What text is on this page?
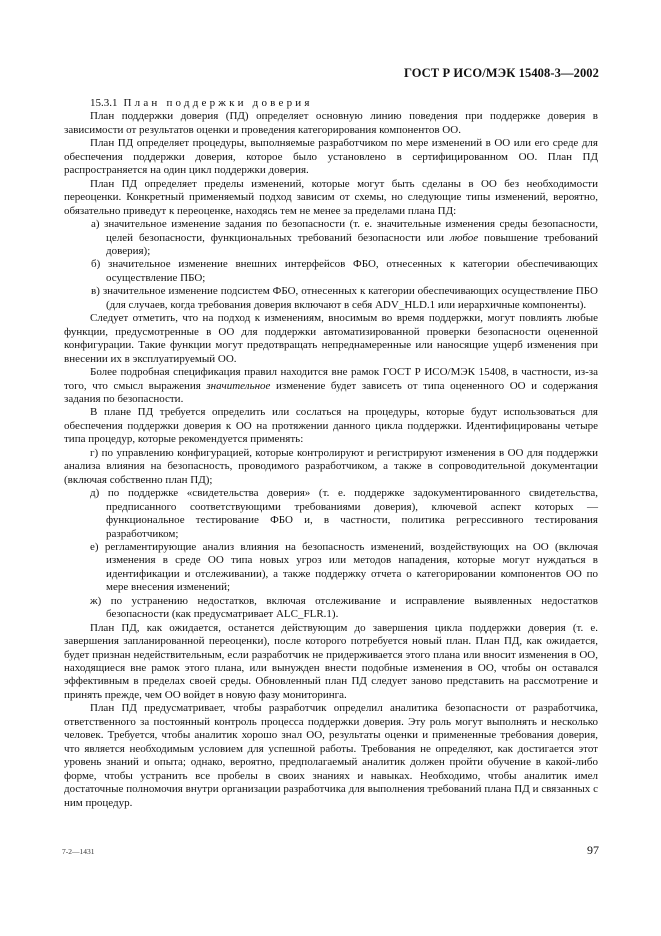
ГОСТ Р ИСО/МЭК 15408-3—2002

15.3.1 План поддержки доверия

План поддержки доверия (ПД) определяет основную линию поведения при поддержке доверия в зависимости от результатов оценки и проведения категорирования компонентов ОО.

План ПД определяет процедуры, выполняемые разработчиком по мере изменений в ОО или его среде для обеспечения поддержки доверия, которое было установлено в сертифицированном ОО. План ПД распространяется на один цикл поддержки доверия.

План ПД определяет пределы изменений, которые могут быть сделаны в ОО без необходимости переоценки. Конкретный применяемый подход зависим от схемы, но следующие типы изменений, вероятно, обязательно приведут к переоценке, находясь тем не менее за пределами плана ПД:

а) значительное изменение задания по безопасности (т. е. значительные изменения среды безопасности, целей безопасности, функциональных требований безопасности или любое повышение требований доверия);

б) значительное изменение внешних интерфейсов ФБО, отнесенных к категории обеспечивающих осуществление ПБО;

в) значительное изменение подсистем ФБО, отнесенных к категории обеспечивающих осуществление ПБО (для случаев, когда требования доверия включают в себя ADV_HLD.1 или иерархичные компоненты).

Следует отметить, что на подход к изменениям, вносимым во время поддержки, могут повлиять любые функции, предусмотренные в ОО для поддержки автоматизированной проверки безопасности оцененной конфигурации. Такие функции могут предотвращать непреднамеренные или наносящие ущерб изменения при внесении их в эксплуатируемый ОО.

Более подробная спецификация правил находится вне рамок ГОСТ Р ИСО/МЭК 15408, в частности, из-за того, что смысл выражения значительное изменение будет зависеть от типа оцененного ОО и содержания задания по безопасности.

В плане ПД требуется определить или сослаться на процедуры, которые будут использоваться для обеспечения поддержки доверия к ОО на протяжении данного цикла поддержки. Идентифицированы четыре типа процедур, которые рекомендуется применять:

г) по управлению конфигурацией, которые контролируют и регистрируют изменения в ОО для поддержки анализа влияния на безопасность, проводимого разработчиком, а также в сопроводительной документации (включая собственно план ПД);

д) по поддержке «свидетельства доверия» (т. е. поддержке задокументированного свидетельства, предписанного соответствующими требованиями доверия), ключевой аспект которых — функциональное тестирование ФБО и, в частности, политика регрессивного тестирования разработчиком;

е) регламентирующие анализ влияния на безопасность изменений, воздействующих на ОО (включая изменения в среде ОО типа новых угроз или методов нападения, которые могут нуждаться в идентификации и отслеживании), а также поддержку отчета о категорировании компонентов ОО по мере внесения изменений;

ж) по устранению недостатков, включая отслеживание и исправление выявленных недостатков безопасности (как предусматривает ALC_FLR.1).

План ПД, как ожидается, останется действующим до завершения цикла поддержки доверия (т. е. завершения запланированной переоценки), после которого потребуется новый план. План ПД, как ожидается, будет признан недействительным, если разработчик не придерживается этого плана или вносит изменения в ОО, находящиеся вне рамок этого плана, или вынужден внести подобные изменения в ОО, чтобы он оставался эффективным в пределах своей среды. Обновленный план ПД следует заново представить на рассмотрение и принять прежде, чем ОО войдет в новую фазу мониторинга.

План ПД предусматривает, чтобы разработчик определил аналитика безопасности от разработчика, ответственного за постоянный контроль процесса поддержки доверия. Эту роль могут выполнять и несколько человек. Требуется, чтобы аналитик хорошо знал ОО, результаты оценки и примененные требования доверия, что является необходимым условием для успешной работы. Требования не определяют, как достигается этот уровень знаний и опыта; однако, вероятно, предполагаемый аналитик должен пройти обучение в какой-либо форме, чтобы устранить все пробелы в своих знаниях и навыках. Необходимо, чтобы аналитик имел достаточные полномочия внутри организации разработчика для выполнения требований плана ПД и связанных с ним процедур.

7-2—1431	97
